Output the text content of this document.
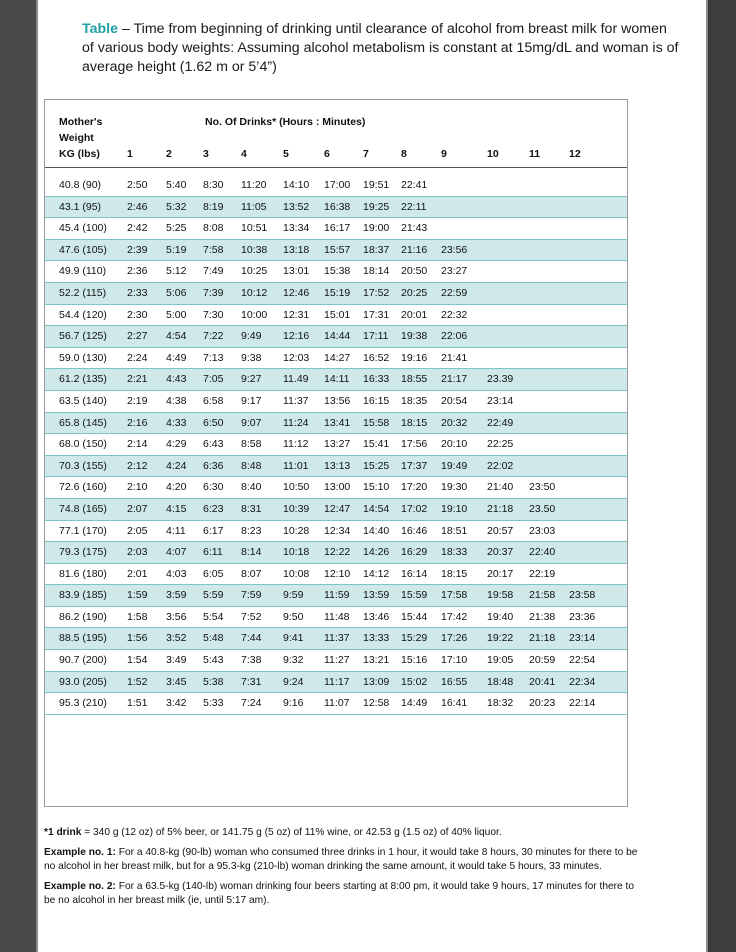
Table – Time from beginning of drinking until clearance of alcohol from breast milk for women of various body weights: Assuming alcohol metabolism is constant at 15mg/dL and woman is of average height (1.62 m or 5’4”)
Mother's
Weight
KG (lbs)
No. Of Drinks* (Hours : Minutes)
1	2	3	4	5	6	7	8	9	10	11	12
40.8 (90) 2:50 5:40 8:30 11:20 14:10 17:00 19:51 22:41
43.1 (95) 2:46 5:32 8:19 11:05 13:52 16:38 19:25 22:11
45.4 (100) 2:42 5:25 8:08 10:51 13:34 16:17 19:00 21:43
47.6 (105) 2:39 5:19 7:58 10:38 13:18 15:57 18:37 21:16 23:56
49.9 (110) 2:36 5:12 7:49 10:25 13:01 15:38 18:14 20:50 23:27
52.2 (115) 2:33 5:06 7:39 10:12 12:46 15:19 17:52 20:25 22:59
54.4 (120) 2:30 5:00 7:30 10:00 12:31 15:01 17:31 20:01 22:32
56.7 (125) 2:27 4:54 7:22 9:49 12:16 14:44 17:11 19:38 22:06
59.0 (130) 2:24 4:49 7:13 9:38 12:03 14:27 16:52 19:16 21:41
61.2 (135) 2:21 4:43 7:05 9:27 11.49 14:11 16:33 18:55 21:17 23.39
63.5 (140) 2:19 4:38 6:58 9:17 11:37 13:56 16:15 18:35 20:54 23:14
65.8 (145) 2:16 4:33 6:50 9:07 11:24 13:41 15:58 18:15 20:32 22:49
68.0 (150) 2:14 4:29 6:43 8:58 11:12 13:27 15:41 17:56 20:10 22:25
70.3 (155) 2:12 4:24 6:36 8:48 11:01 13:13 15:25 17:37 19:49 22:02
72.6 (160) 2:10 4:20 6:30 8:40 10:50 13:00 15:10 17:20 19:30 21:40 23:50
74.8 (165) 2:07 4:15 6:23 8:31 10:39 12:47 14:54 17:02 19:10 21:18 23.50
77.1 (170) 2:05 4:11 6:17 8:23 10:28 12:34 14:40 16:46 18:51 20:57 23:03
79.3 (175) 2:03 4:07 6:11 8:14 10:18 12:22 14:26 16:29 18:33 20:37 22:40
81.6 (180) 2:01 4:03 6:05 8:07 10:08 12:10 14:12 16:14 18:15 20:17 22:19
83.9 (185) 1:59 3:59 5:59 7:59 9:59 11:59 13:59 15:59 17:58 19:58 21:58 23:58
86.2 (190) 1:58 3:56 5:54 7:52 9:50 11:48 13:46 15:44 17:42 19:40 21:38 23:36
88.5 (195) 1:56 3:52 5:48 7:44 9:41 11:37 13:33 15:29 17:26 19:22 21:18 23:14
90.7 (200) 1:54 3:49 5:43 7:38 9:32 11:27 13:21 15:16 17:10 19:05 20:59 22:54
93.0 (205) 1:52 3:45 5:38 7:31 9:24 11:17 13:09 15:02 16:55 18:48 20:41 22:34
95.3 (210) 1:51 3:42 5:33 7:24 9:16 11:07 12:58 14:49 16:41 18:32 20:23 22:14

*1 drink = 340 g (12 oz) of 5% beer, or 141.75 g (5 oz) of 11% wine, or 42.53 g (1.5 oz) of 40% liquor.

Example no. 1: For a 40.8-kg (90-lb) woman who consumed three drinks in 1 hour, it would take 8 hours, 30 minutes for there to be no alcohol in her breast milk, but for a 95.3-kg (210-lb) woman drinking the same amount, it would take 5 hours, 33 minutes.

Example no. 2: For a 63.5-kg (140-lb) woman drinking four beers starting at 8:00 pm, it would take 9 hours, 17 minutes for there to be no alcohol in her breast milk (ie, until 5:17 am).
